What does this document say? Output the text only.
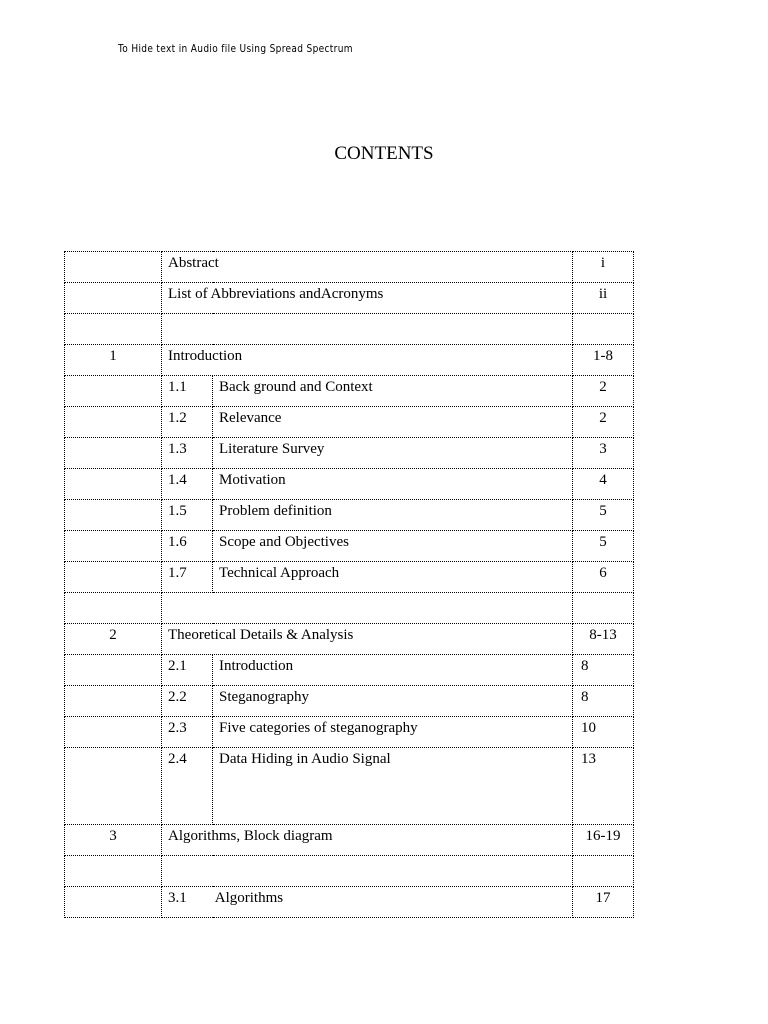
To Hide text in Audio file Using Spread Spectrum
CONTENTS
	Abstract		i
	List of Abbreviations andAcronyms		ii

1	Introduction		1-8
	1.1	Back ground and Context	2
	1.2	Relevance	2
	1.3	Literature Survey	3
	1.4	Motivation	4
	1.5	Problem definition	5
	1.6	Scope and Objectives	5
	1.7	Technical Approach	6

2	Theoretical Details & Analysis		8-13
	2.1	Introduction	8
	2.2	Steganography	8
	2.3	Five categories of steganography	10
	2.4	Data Hiding in Audio Signal	13
3	Algorithms, Block diagram		16-19

	3.1 Algorithms		17
